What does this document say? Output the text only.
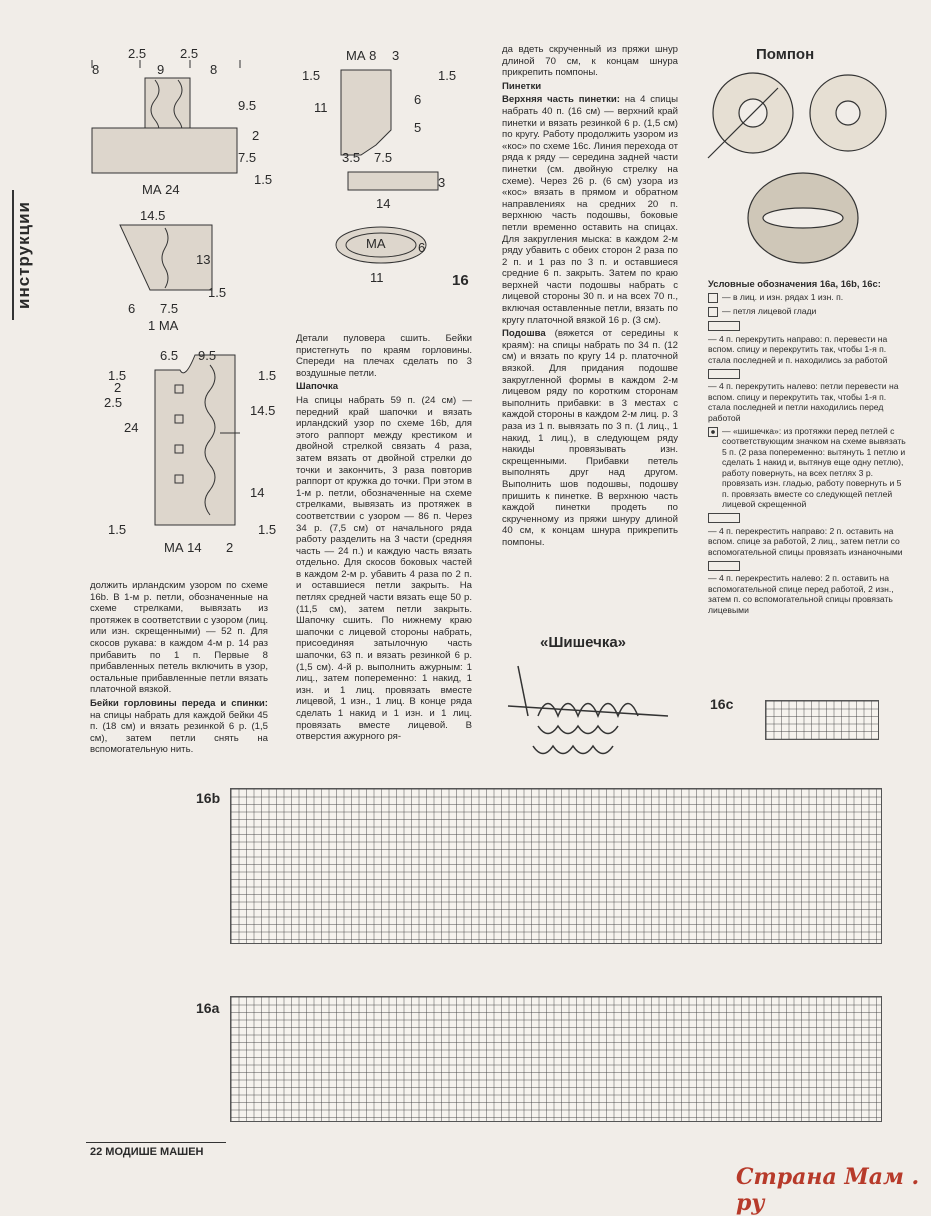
инструкции
8
2.5
9
2.5
8
9.5
2
7.5
1.5
МА 24
14.5
13
1.5
6 7.5
1 МА
6.5 9.5
1.5	1.5
2
2.5
14.5
24
14
1.5	1.5
МА 14 2
МА 8
1.5
3
1.5
11
6
5
3.5 7.5
3
14
МА	6
11	16

должить ирландским узором по схеме 16b. В 1-м р. петли, обозначенные на схеме стрелками, вывязать из протяжек в соответствии с узором (лиц. или изн. скрещенными) — 52 п. Для скосов рукава: в каждом 4-м р. 14 раз прибавить по 1 п. Первые 8 прибавленных петель включить в узор, остальные прибавленные петли вязать платочной вязкой.

Бейки горловины переда и спинки: на спицы набрать для каждой бейки 45 п. (18 см) и вязать резинкой 6 р. (1,5 см), затем петли снять на вспомогательную нить.

Детали пуловера сшить. Бейки пристегнуть по краям горловины. Спереди на плечах сделать по 3 воздушные петли.

Шапочка

На спицы набрать 59 п. (24 см) — передний край шапочки и вязать ирландский узор по схеме 16b, для этого раппорт между крестиком и двойной стрелкой связать 4 раза, затем вязать от двойной стрелки до точки и закончить, 3 раза повторив раппорт от кружка до точки. При этом в 1-м р. петли, обозначенные на схеме стрелками, вывязать из протяжек в соответствии с узором — 86 п. Через 34 р. (7,5 см) от начального ряда работу разделить на 3 части (средняя часть — 24 п.) и каждую часть вязать отдельно. Для скосов боковых частей в каждом 2-м р. убавить 4 раза по 2 п. и оставшиеся петли закрыть. На петлях средней части вязать еще 50 р. (11,5 см), затем петли закрыть. Шапочку сшить. По нижнему краю шапочки с лицевой стороны набрать, присоединяя затылочную часть шапочки, 63 п. и вязать резинкой 6 р. (1,5 см). 4-й р. выполнить ажурным: 1 лиц., затем попеременно: 1 накид, 1 изн. и 1 лиц. провязать вместе лицевой, 1 изн., 1 лиц. В конце ряда сделать 1 накид и 1 изн. и 1 лиц. провязать вместе лицевой. В отверстия ажурного ря-

да вдеть скрученный из пряжи шнур длиной 70 см, к концам шнура прикрепить помпоны.

Пинетки

Верхняя часть пинетки: на 4 спицы набрать 40 п. (16 см) — верхний край пинетки и вязать резинкой 6 р. (1,5 см) по кругу. Работу продолжить узором из «кос» по схеме 16c. Линия перехода от ряда к ряду — середина задней части пинетки (см. двойную стрелку на схеме). Через 26 р. (6 см) узора из «кос» вязать в прямом и обратном направлениях на средних 20 п. верхнюю часть подошвы, боковые петли временно оставить на спицах. Для закругления мыска: в каждом 2-м ряду убавить с обеих сторон 2 раза по 2 п. и 1 раз по 3 п. и оставшиеся средние 6 п. закрыть. Затем по краю верхней части подошвы набрать с лицевой стороны 30 п. и на всех 70 п., включая оставленные петли, вязать по кругу платочной вязкой 16 р. (3 см).

Подошва (вяжется от середины к краям): на спицы набрать по 34 п. (12 см) и вязать по кругу 14 р. платочной вязкой. Для придания подошве закругленной формы в каждом 2-м лицевом ряду по коротким сторонам выполнить прибавки: в 3 местах с каждой стороны в каждом 2-м лиц. р. 3 раза из 1 п. вывязать по 3 п. (1 лиц., 1 накид, 1 лиц.), в следующем ряду накиды провязывать изн. скрещенными. Прибавки петель выполнять друг над другом. Выполнить шов подошвы, подошву пришить к пинетке. В верхнюю часть каждой пинетки продеть по скрученному из пряжи шнуру длиной 40 см, к концам шнура прикрепить помпоны.

«Шишечка»
Помпон
Условные обозначения 16а, 16b, 16c:
— в лиц. и изн. рядах 1 изн. п.
— петля лицевой глади
— 4 п. перекрутить направо: п. перевести на вспом. спицу и перекрутить так, чтобы 1-я п. стала последней и п. находились за работой
— 4 п. перекрутить налево: петли перевести на вспом. спицу и перекрутить так, чтобы 1-я п. стала последней и петли находились перед работой
— «шишечка»: из протяжки перед петлей с соответствующим значком на схеме вывязать 5 п. (2 раза попеременно: вытянуть 1 петлю и сделать 1 накид и, вытянув еще одну петлю), работу повернуть, на всех петлях 3 р. провязать изн. гладью, работу повернуть и 5 п. провязать вместе со следующей петлей лицевой скрещенной
— 4 п. перекрестить направо: 2 п. оставить на вспом. спице за работой, 2 лиц., затем петли со вспомогательной спицы провязать изнаночными
— 4 п. перекрестить налево: 2 п. оставить на вспомогательной спице перед работой, 2 изн., затем п. со вспомогательной спицы провязать лицевыми
16c
16b
16a
22 МОДИШЕ МАШЕН
Страна Мам . ру
